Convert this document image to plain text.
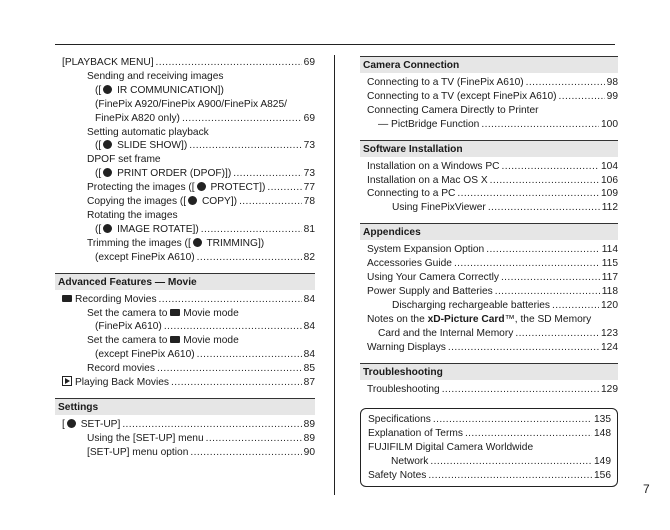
[PLAYBACK MENU] .....	69
Sending and receiving images
([ IR COMMUNICATION])
(FinePix A920/FinePix A900/FinePix A825/
FinePix A820 only) .....	69
Setting automatic playback
([ SLIDE SHOW]) .....	73
DPOF set frame
([ PRINT ORDER (DPOF)]) .....	73
Protecting the images ([ PROTECT]) .....	77
Copying the images ([ COPY]) .....	78
Rotating the images
([ IMAGE ROTATE]) .....	81
Trimming the images ([ TRIMMING])
(except FinePix A610) .....	82
Advanced Features — Movie
Recording Movies .....	84
Set the camera to Movie mode
(FinePix A610) .....	84
Set the camera to Movie mode
(except FinePix A610) .....	84
Record movies .....	85
Playing Back Movies .....	87
Settings
[ SET-UP] .....	89
Using the [SET-UP] menu .....	89
[SET-UP] menu option .....	90
Camera Connection
Connecting to a TV (FinePix A610) .....	98
Connecting to a TV (except FinePix A610) .....	99
Connecting Camera Directly to Printer
— PictBridge Function .....	100
Software Installation
Installation on a Windows PC .....	104
Installation on a Mac OS X .....	106
Connecting to a PC .....	109
Using FinePixViewer .....	112
Appendices
System Expansion Option .....	114
Accessories Guide .....	115
Using Your Camera Correctly .....	117
Power Supply and Batteries .....	118
Discharging rechargeable batteries .....	120
Notes on the xD-Picture Card™, the SD Memory
Card and the Internal Memory .....	123
Warning Displays .....	124
Troubleshooting
Troubleshooting .....	129
Specifications .....	135
Explanation of Terms .....	148
FUJIFILM Digital Camera Worldwide
Network .....	149
Safety Notes .....	156
7
